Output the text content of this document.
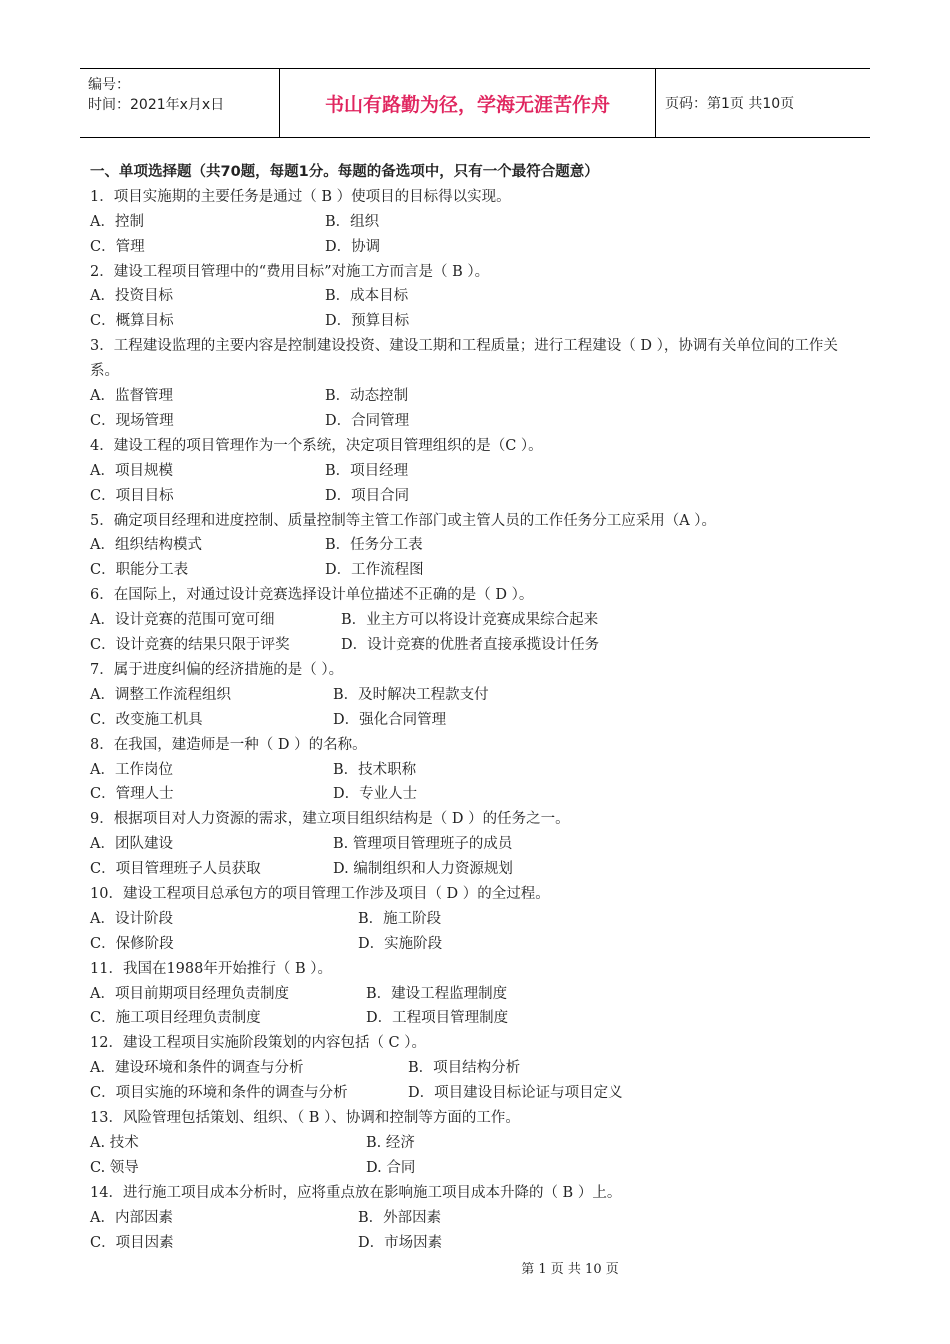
编号：
时间：2021年x月x日	书山有路勤为径，学海无涯苦作舟	页码：第1页 共10页
一、单项选择题（共70题，每题1分。每题的备选项中，只有一个最符合题意）
1．项目实施期的主要任务是通过（ B ）使项目的目标得以实现。
A．控制	B．组织
C．管理	D．协调
2．建设工程项目管理中的“费用目标”对施工方而言是（ B ）。
A．投资目标	B．成本目标
C．概算目标	D．预算目标
3．工程建设监理的主要内容是控制建设投资、建设工期和工程质量；进行工程建设（ D ），协调有关单位间的工作关系。
A．监督管理	B．动态控制
C．现场管理	D．合同管理
4．建设工程的项目管理作为一个系统，决定项目管理组织的是（C ）。
A．项目规模	B．项目经理
C．项目目标	D．项目合同
5．确定项目经理和进度控制、质量控制等主管工作部门或主管人员的工作任务分工应采用（A ）。
A．组织结构模式	B．任务分工表
C．职能分工表	D．工作流程图
6．在国际上，对通过设计竞赛选择设计单位描述不正确的是（ D ）。
A．设计竞赛的范围可宽可细	B．业主方可以将设计竞赛成果综合起来
C．设计竞赛的结果只限于评奖	D．设计竞赛的优胜者直接承揽设计任务
7．属于进度纠偏的经济措施的是（ ）。
A．调整工作流程组织	B．及时解决工程款支付
C．改变施工机具	D．强化合同管理
8．在我国，建造师是一种（ D ）的名称。
A．工作岗位	B．技术职称
C．管理人士	D．专业人士
9．根据项目对人力资源的需求，建立项目组织结构是（ D ）的任务之一。
A．团队建设	B. 管理项目管理班子的成员
C．项目管理班子人员获取	D. 编制组织和人力资源规划
10．建设工程项目总承包方的项目管理工作涉及项目（ D ）的全过程。
A．设计阶段	B．施工阶段
C．保修阶段	D．实施阶段
11．我国在1988年开始推行（ B ）。
A．项目前期项目经理负责制度	B．建设工程监理制度
C．施工项目经理负责制度	D．工程项目管理制度
12．建设工程项目实施阶段策划的内容包括（ C ）。
A．建设环境和条件的调查与分析	B．项目结构分析
C．项目实施的环境和条件的调查与分析	D．项目建设目标论证与项目定义
13．风险管理包括策划、组织、（ B ）、协调和控制等方面的工作。
A. 技术	B. 经济
C. 领导	D. 合同
14．进行施工项目成本分析时，应将重点放在影响施工项目成本升降的（ B ）上。
A．内部因素	B．外部因素
C．项目因素	D．市场因素
第 1 页 共 10 页
